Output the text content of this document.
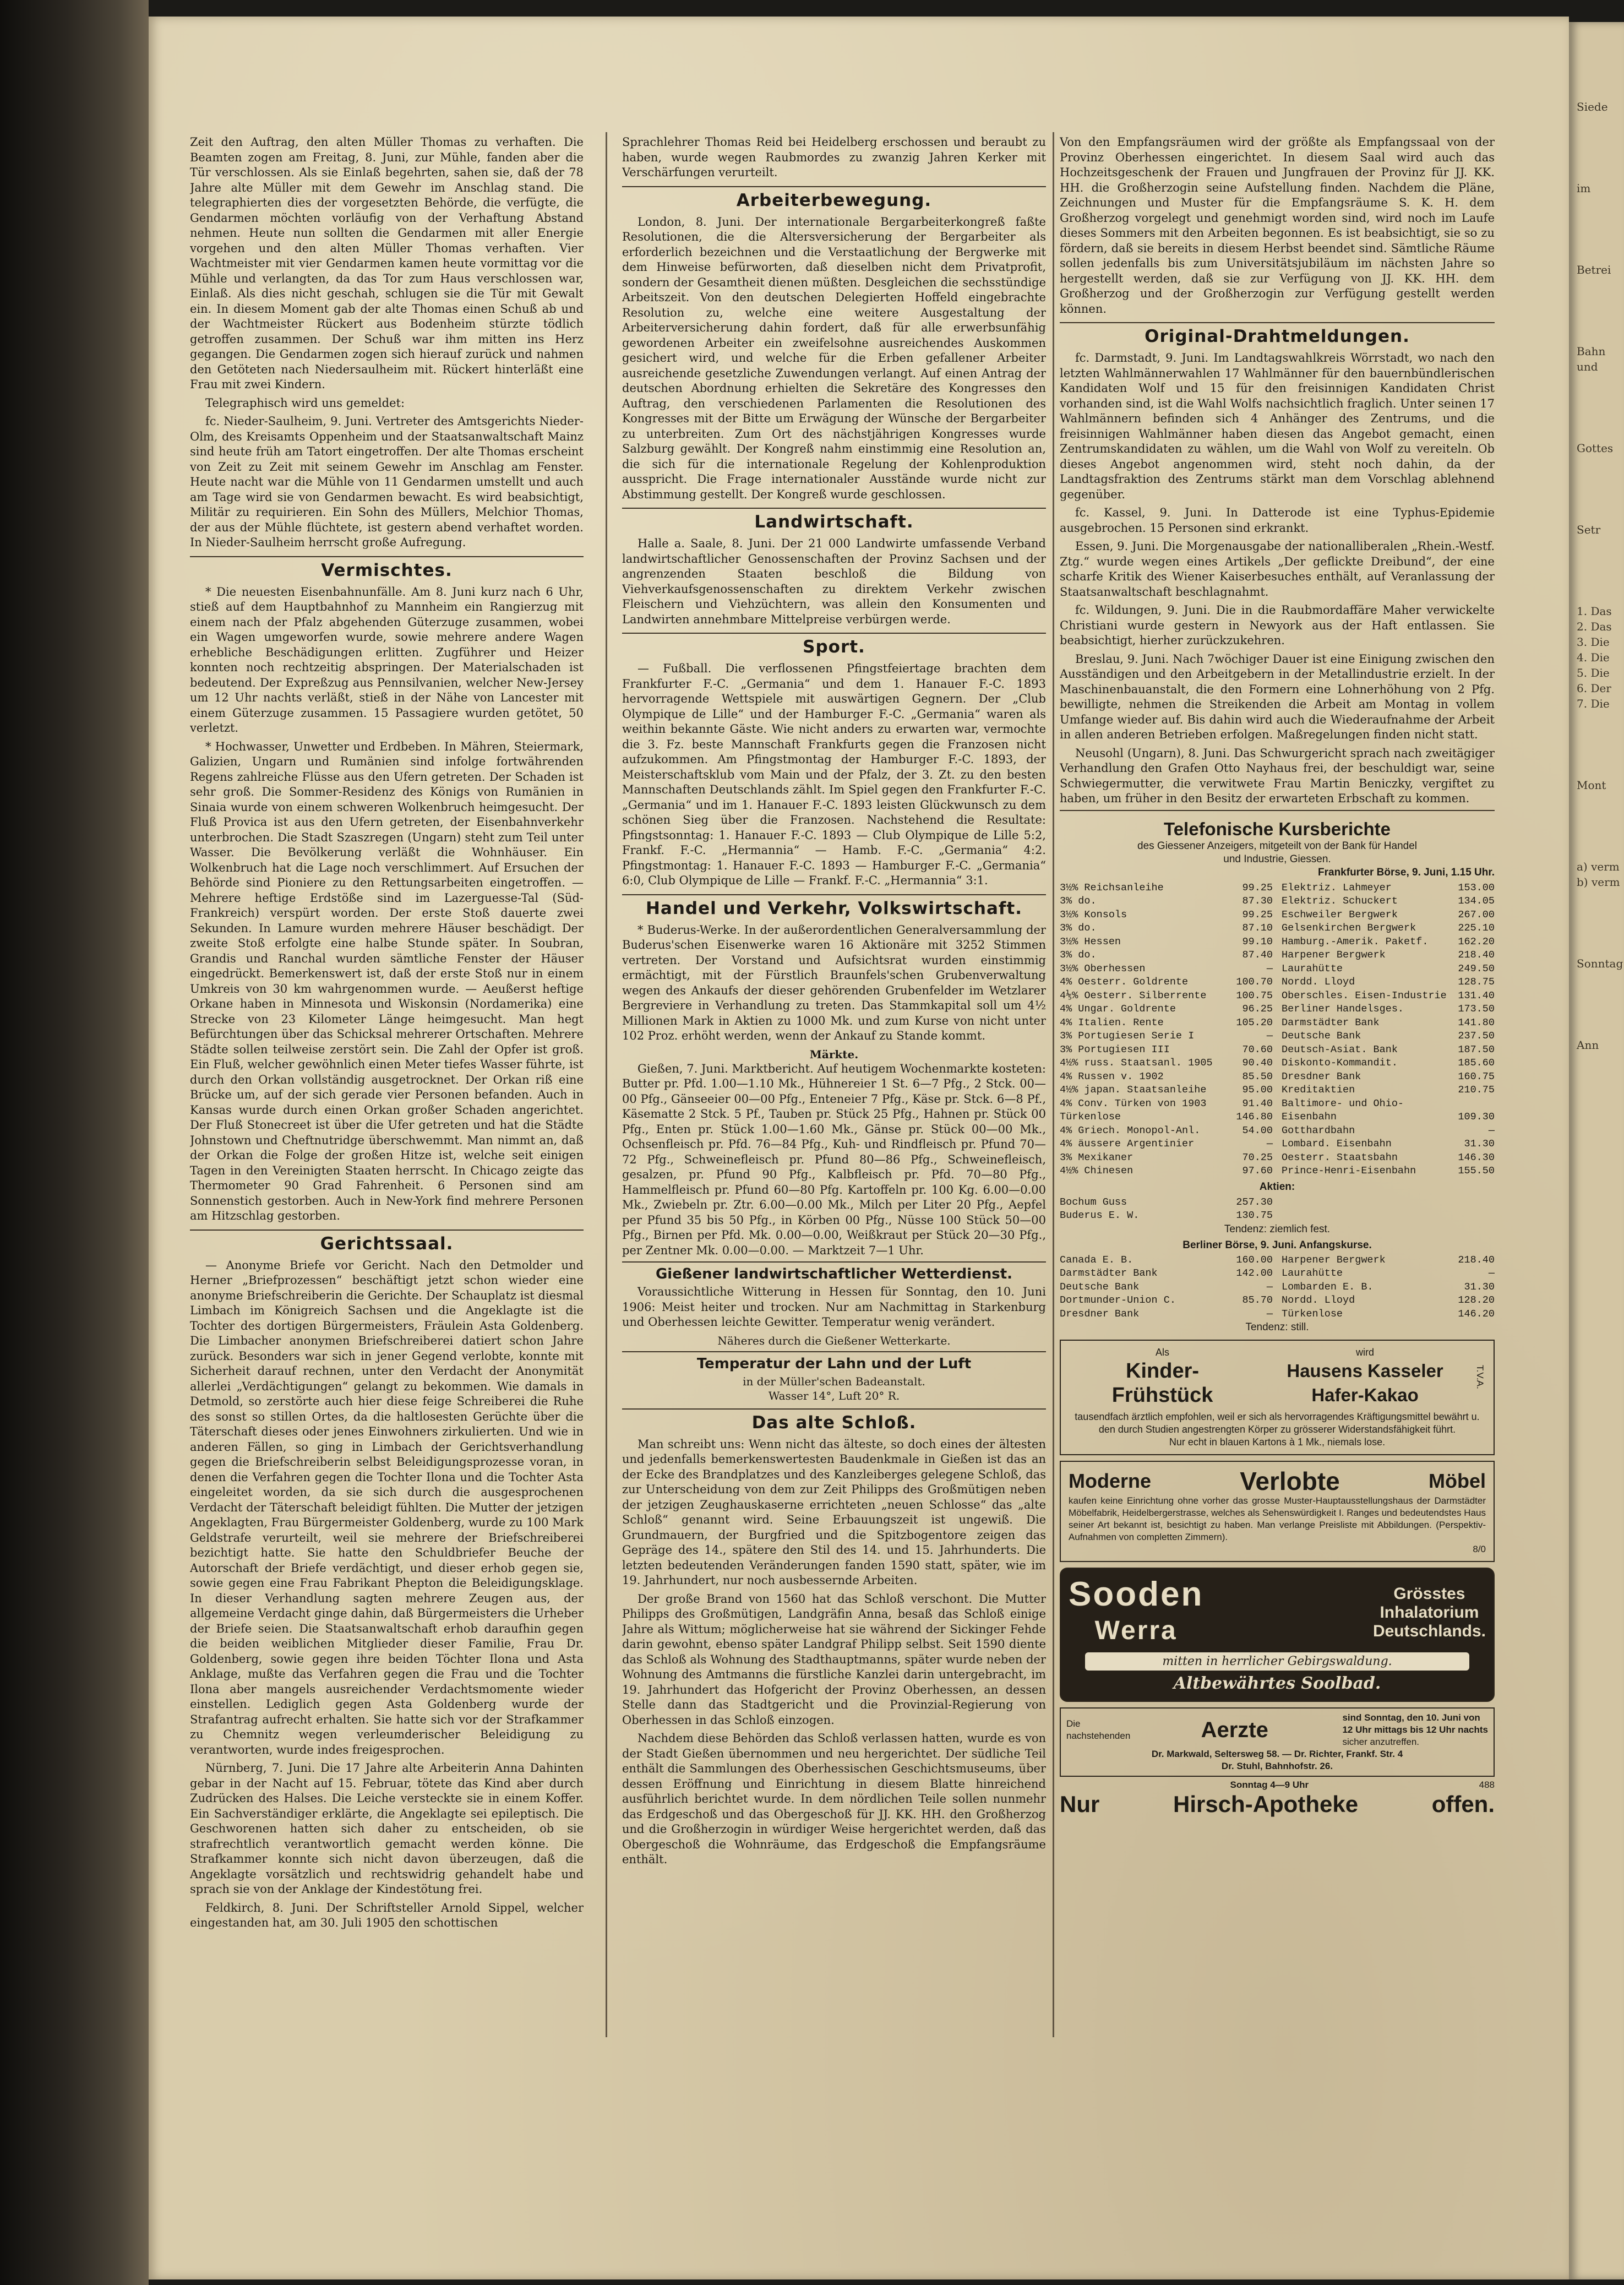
Siede
im
Betrei
Bahn und
Gottes
Setr
1. Das
2. Das
3. Die
4. Die
5. Die
6. Der
7. Die
Mont
a) verm
b) verm
Sonntag
Ann

Zeit den Auftrag, den alten Müller Thomas zu verhaften. Die Beamten zogen am Freitag, 8. Juni, zur Mühle, fanden aber die Tür verschlossen. Als sie Einlaß begehrten, sahen sie, daß der 78 Jahre alte Müller mit dem Gewehr im Anschlag stand. Die telegraphierten dies der vorgesetzten Behörde, die verfügte, die Gendarmen möchten vorläufig von der Verhaftung Abstand nehmen. Heute nun sollten die Gendarmen mit aller Energie vorgehen und den alten Müller Thomas verhaften. Vier Wachtmeister mit vier Gendarmen kamen heute vormittag vor die Mühle und verlangten, da das Tor zum Haus verschlossen war, Einlaß. Als dies nicht geschah, schlugen sie die Tür mit Gewalt ein. In diesem Moment gab der alte Thomas einen Schuß ab und der Wachtmeister Rückert aus Bodenheim stürzte tödlich getroffen zusammen. Der Schuß war ihm mitten ins Herz gegangen. Die Gendarmen zogen sich hierauf zurück und nahmen den Getöteten nach Niedersaulheim mit. Rückert hinterläßt eine Frau mit zwei Kindern.

Telegraphisch wird uns gemeldet:

fc. Nieder-Saulheim, 9. Juni. Vertreter des Amtsgerichts Nieder-Olm, des Kreisamts Oppenheim und der Staatsanwaltschaft Mainz sind heute früh am Tatort eingetroffen. Der alte Thomas erscheint von Zeit zu Zeit mit seinem Gewehr im Anschlag am Fenster. Heute nacht war die Mühle von 11 Gendarmen umstellt und auch am Tage wird sie von Gendarmen bewacht. Es wird beabsichtigt, Militär zu requirieren. Ein Sohn des Müllers, Melchior Thomas, der aus der Mühle flüchtete, ist gestern abend verhaftet worden. In Nieder-Saulheim herrscht große Aufregung.

Vermischtes.

* Die neuesten Eisenbahnunfälle. Am 8. Juni kurz nach 6 Uhr, stieß auf dem Hauptbahnhof zu Mannheim ein Rangierzug mit einem nach der Pfalz abgehenden Güterzuge zusammen, wobei ein Wagen umgeworfen wurde, sowie mehrere andere Wagen erhebliche Beschädigungen erlitten. Zugführer und Heizer konnten noch rechtzeitig abspringen. Der Materialschaden ist bedeutend. Der Expreßzug aus Pennsilvanien, welcher New-Jersey um 12 Uhr nachts verläßt, stieß in der Nähe von Lancester mit einem Güterzuge zusammen. 15 Passagiere wurden getötet, 50 verletzt.

* Hochwasser, Unwetter und Erdbeben. In Mähren, Steiermark, Galizien, Ungarn und Rumänien sind infolge fortwährenden Regens zahlreiche Flüsse aus den Ufern getreten. Der Schaden ist sehr groß. Die Sommer-Residenz des Königs von Rumänien in Sinaia wurde von einem schweren Wolkenbruch heimgesucht. Der Fluß Provica ist aus den Ufern getreten, der Eisenbahnverkehr unterbrochen. Die Stadt Szaszregen (Ungarn) steht zum Teil unter Wasser. Die Bevölkerung verläßt die Wohnhäuser. Ein Wolkenbruch hat die Lage noch verschlimmert. Auf Ersuchen der Behörde sind Pioniere zu den Rettungsarbeiten eingetroffen. — Mehrere heftige Erdstöße sind im Lazerguesse-Tal (Süd-Frankreich) verspürt worden. Der erste Stoß dauerte zwei Sekunden. In Lamure wurden mehrere Häuser beschädigt. Der zweite Stoß erfolgte eine halbe Stunde später. In Soubran, Grandis und Ranchal wurden sämtliche Fenster der Häuser eingedrückt. Bemerkenswert ist, daß der erste Stoß nur in einem Umkreis von 30 km wahrgenommen wurde. — Aeußerst heftige Orkane haben in Minnesota und Wiskonsin (Nordamerika) eine Strecke von 23 Kilometer Länge heimgesucht. Man hegt Befürchtungen über das Schicksal mehrerer Ortschaften. Mehrere Städte sollen teilweise zerstört sein. Die Zahl der Opfer ist groß. Ein Fluß, welcher gewöhnlich einen Meter tiefes Wasser führte, ist durch den Orkan vollständig ausgetrocknet. Der Orkan riß eine Brücke um, auf der sich gerade vier Personen befanden. Auch in Kansas wurde durch einen Orkan großer Schaden angerichtet. Der Fluß Stonecreet ist über die Ufer getreten und hat die Städte Johnstown und Cheftnutridge überschwemmt. Man nimmt an, daß der Orkan die Folge der großen Hitze ist, welche seit einigen Tagen in den Vereinigten Staaten herrscht. In Chicago zeigte das Thermometer 90 Grad Fahrenheit. 6 Personen sind am Sonnenstich gestorben. Auch in New-York find mehrere Personen am Hitzschlag gestorben.

Gerichtssaal.

— Anonyme Briefe vor Gericht. Nach den Detmolder und Herner „Briefprozessen“ beschäftigt jetzt schon wieder eine anonyme Briefschreiberin die Gerichte. Der Schauplatz ist diesmal Limbach im Königreich Sachsen und die Angeklagte ist die Tochter des dortigen Bürgermeisters, Fräulein Asta Goldenberg. Die Limbacher anonymen Briefschreiberei datiert schon Jahre zurück. Besonders war sich in jener Gegend verlobte, konnte mit Sicherheit darauf rechnen, unter den Verdacht der Anonymität allerlei „Verdächtigungen“ gelangt zu bekommen. Wie damals in Detmold, so zerstörte auch hier diese feige Schreiberei die Ruhe des sonst so stillen Ortes, da die haltlosesten Gerüchte über die Täterschaft dieses oder jenes Einwohners zirkulierten. Und wie in anderen Fällen, so ging in Limbach der Gerichtsverhandlung gegen die Briefschreiberin selbst Beleidigungsprozesse voran, in denen die Verfahren gegen die Tochter Ilona und die Tochter Asta eingeleitet worden, da sie sich durch die ausgesprochenen Verdacht der Täterschaft beleidigt fühlten. Die Mutter der jetzigen Angeklagten, Frau Bürgermeister Goldenberg, wurde zu 100 Mark Geldstrafe verurteilt, weil sie mehrere der Briefschreiberei bezichtigt hatte. Sie hatte den Schuldbriefer Beuche der Autorschaft der Briefe verdächtigt, und dieser erhob gegen sie, sowie gegen eine Frau Fabrikant Phepton die Beleidigungsklage. In dieser Verhandlung sagten mehrere Zeugen aus, der allgemeine Verdacht ginge dahin, daß Bürgermeisters die Urheber der Briefe seien. Die Staatsanwaltschaft erhob daraufhin gegen die beiden weiblichen Mitglieder dieser Familie, Frau Dr. Goldenberg, sowie gegen ihre beiden Töchter Ilona und Asta Anklage, mußte das Verfahren gegen die Frau und die Tochter Ilona aber mangels ausreichender Verdachtsmomente wieder einstellen. Lediglich gegen Asta Goldenberg wurde der Strafantrag aufrecht erhalten. Sie hatte sich vor der Strafkammer zu Chemnitz wegen verleumderischer Beleidigung zu verantworten, wurde indes freigesprochen.

Nürnberg, 7. Juni. Die 17 Jahre alte Arbeiterin Anna Dahinten gebar in der Nacht auf 15. Februar, tötete das Kind aber durch Zudrücken des Halses. Die Leiche versteckte sie in einem Koffer. Ein Sachverständiger erklärte, die Angeklagte sei epileptisch. Die Geschworenen hatten sich daher zu entscheiden, ob sie strafrechtlich verantwortlich gemacht werden könne. Die Strafkammer konnte sich nicht davon überzeugen, daß die Angeklagte vorsätzlich und rechtswidrig gehandelt habe und sprach sie von der Anklage der Kindestötung frei.

Feldkirch, 8. Juni. Der Schriftsteller Arnold Sippel, welcher eingestanden hat, am 30. Juli 1905 den schottischen

Sprachlehrer Thomas Reid bei Heidelberg erschossen und beraubt zu haben, wurde wegen Raubmordes zu zwanzig Jahren Kerker mit Verschärfungen verurteilt.

Arbeiterbewegung.

London, 8. Juni. Der internationale Bergarbeiterkongreß faßte Resolutionen, die die Altersversicherung der Bergarbeiter als erforderlich bezeichnen und die Verstaatlichung der Bergwerke mit dem Hinweise befürworten, daß dieselben nicht dem Privatprofit, sondern der Gesamtheit dienen müßten. Desgleichen die sechsstündige Arbeitszeit. Von den deutschen Delegierten Hoffeld eingebrachte Resolution zu, welche eine weitere Ausgestaltung der Arbeiterversicherung dahin fordert, daß für alle erwerbsunfähig gewordenen Arbeiter ein zweifelsohne ausreichendes Auskommen gesichert wird, und welche für die Erben gefallener Arbeiter ausreichende gesetzliche Zuwendungen verlangt. Auf einen Antrag der deutschen Abordnung erhielten die Sekretäre des Kongresses den Auftrag, den verschiedenen Parlamenten die Resolutionen des Kongresses mit der Bitte um Erwägung der Wünsche der Bergarbeiter zu unterbreiten. Zum Ort des nächstjährigen Kongresses wurde Salzburg gewählt. Der Kongreß nahm einstimmig eine Resolution an, die sich für die internationale Regelung der Kohlenproduktion ausspricht. Die Frage internationaler Ausstände wurde nicht zur Abstimmung gestellt. Der Kongreß wurde geschlossen.

Landwirtschaft.

Halle a. Saale, 8. Juni. Der 21 000 Landwirte umfassende Verband landwirtschaftlicher Genossenschaften der Provinz Sachsen und der angrenzenden Staaten beschloß die Bildung von Viehverkaufsgenossenschaften zu direktem Verkehr zwischen Fleischern und Viehzüchtern, was allein den Konsumenten und Landwirten annehmbare Mittelpreise verbürgen werde.

Sport.

— Fußball. Die verflossenen Pfingstfeiertage brachten dem Frankfurter F.-C. „Germania“ und dem 1. Hanauer F.-C. 1893 hervorragende Wettspiele mit auswärtigen Gegnern. Der „Club Olympique de Lille“ und der Hamburger F.-C. „Germania“ waren als weithin bekannte Gäste. Wie nicht anders zu erwarten war, vermochte die 3. Fz. beste Mannschaft Frankfurts gegen die Franzosen nicht aufzukommen. Am Pfingstmontag der Hamburger F.-C. 1893, der Meisterschaftsklub vom Main und der Pfalz, der 3. Zt. zu den besten Mannschaften Deutschlands zählt. Im Spiel gegen den Frankfurter F.-C. „Germania“ und im 1. Hanauer F.-C. 1893 leisten Glückwunsch zu dem schönen Sieg über die Franzosen. Nachstehend die Resultate: Pfingstsonntag: 1. Hanauer F.-C. 1893 — Club Olympique de Lille 5:2, Frankf. F.-C. „Hermannia“ — Hamb. F.-C. „Germania“ 4:2. Pfingstmontag: 1. Hanauer F.-C. 1893 — Hamburger F.-C. „Germania“ 6:0, Club Olympique de Lille — Frankf. F.-C. „Hermannia“ 3:1.

Handel und Verkehr, Volkswirtschaft.

* Buderus-Werke. In der außerordentlichen Generalversammlung der Buderus'schen Eisenwerke waren 16 Aktionäre mit 3252 Stimmen vertreten. Der Vorstand und Aufsichtsrat wurden einstimmig ermächtigt, mit der Fürstlich Braunfels'schen Grubenverwaltung wegen des Ankaufs der dieser gehörenden Grubenfelder im Wetzlarer Bergreviere in Verhandlung zu treten. Das Stammkapital soll um 4½ Millionen Mark in Aktien zu 1000 Mk. und zum Kurse von nicht unter 102 Proz. erhöht werden, wenn der Ankauf zu Stande kommt.

Märkte.

Gießen, 7. Juni. Marktbericht. Auf heutigem Wochenmarkte kosteten: Butter pr. Pfd. 1.00—1.10 Mk., Hühnereier 1 St. 6—7 Pfg., 2 Stck. 00—00 Pfg., Gänseeier 00—00 Pfg., Enteneier 7 Pfg., Käse pr. Stck. 6—8 Pf., Käsematte 2 Stck. 5 Pf., Tauben pr. Stück 25 Pfg., Hahnen pr. Stück 00 Pfg., Enten pr. Stück 1.00—1.60 Mk., Gänse pr. Stück 00—00 Mk., Ochsenfleisch pr. Pfd. 76—84 Pfg., Kuh- und Rindfleisch pr. Pfund 70—72 Pfg., Schweinefleisch pr. Pfund 80—86 Pfg., Schweinefleisch, gesalzen, pr. Pfund 90 Pfg., Kalbfleisch pr. Pfd. 70—80 Pfg., Hammelfleisch pr. Pfund 60—80 Pfg. Kartoffeln pr. 100 Kg. 6.00—0.00 Mk., Zwiebeln pr. Ztr. 6.00—0.00 Mk., Milch per Liter 20 Pfg., Aepfel per Pfund 35 bis 50 Pfg., in Körben 00 Pfg., Nüsse 100 Stück 50—00 Pfg., Birnen per Pfd. Mk. 0.00—0.00, Weißkraut per Stück 20—30 Pfg., per Zentner Mk. 0.00—0.00. — Marktzeit 7—1 Uhr.

Gießener landwirtschaftlicher Wetterdienst.

Voraussichtliche Witterung in Hessen für Sonntag, den 10. Juni 1906: Meist heiter und trocken. Nur am Nachmittag in Starkenburg und Oberhessen leichte Gewitter. Temperatur wenig verändert.

Näheres durch die Gießener Wetterkarte.
Temperatur der Lahn und der Luft
in der Müller'schen Badeanstalt.
Wasser 14°, Luft 20° R.
Das alte Schloß.

Man schreibt uns: Wenn nicht das älteste, so doch eines der ältesten und jedenfalls bemerkenswertesten Baudenkmale in Gießen ist das an der Ecke des Brandplatzes und des Kanzleiberges gelegene Schloß, das zur Unterscheidung von dem zur Zeit Philipps des Großmütigen neben der jetzigen Zeughauskaserne errichteten „neuen Schlosse“ das „alte Schloß“ genannt wird. Seine Erbauungszeit ist ungewiß. Die Grundmauern, der Burgfried und die Spitzbogentore zeigen das Gepräge des 14., spätere den Stil des 14. und 15. Jahrhunderts. Die letzten bedeutenden Veränderungen fanden 1590 statt, später, wie im 19. Jahrhundert, nur noch ausbessernde Arbeiten.

Der große Brand von 1560 hat das Schloß verschont. Die Mutter Philipps des Großmütigen, Landgräfin Anna, besaß das Schloß einige Jahre als Wittum; möglicherweise hat sie während der Sickinger Fehde darin gewohnt, ebenso später Landgraf Philipp selbst. Seit 1590 diente das Schloß als Wohnung des Stadthauptmanns, später wurde neben der Wohnung des Amtmanns die fürstliche Kanzlei darin untergebracht, im 19. Jahrhundert das Hofgericht der Provinz Oberhessen, an dessen Stelle dann das Stadtgericht und die Provinzial-Regierung von Oberhessen in das Schloß einzogen.

Nachdem diese Behörden das Schloß verlassen hatten, wurde es von der Stadt Gießen übernommen und neu hergerichtet. Der südliche Teil enthält die Sammlungen des Oberhessischen Geschichtsmuseums, über dessen Eröffnung und Einrichtung in diesem Blatte hinreichend ausführlich berichtet wurde. In dem nördlichen Teile sollen nunmehr das Erdgeschoß und das Obergeschoß für JJ. KK. HH. den Großherzog und die Großherzogin in würdiger Weise hergerichtet werden, daß das Obergeschoß die Wohnräume, das Erdgeschoß die Empfangsräume enthält.

Von den Empfangsräumen wird der größte als Empfangssaal von der Provinz Oberhessen eingerichtet. In diesem Saal wird auch das Hochzeitsgeschenk der Frauen und Jungfrauen der Provinz für JJ. KK. HH. die Großherzogin seine Aufstellung finden. Nachdem die Pläne, Zeichnungen und Muster für die Empfangsräume S. K. H. dem Großherzog vorgelegt und genehmigt worden sind, wird noch im Laufe dieses Sommers mit den Arbeiten begonnen. Es ist beabsichtigt, sie so zu fördern, daß sie bereits in diesem Herbst beendet sind. Sämtliche Räume sollen jedenfalls bis zum Universitätsjubiläum im nächsten Jahre so hergestellt werden, daß sie zur Verfügung von JJ. KK. HH. dem Großherzog und der Großherzogin zur Verfügung gestellt werden können.

Original-Drahtmeldungen.

fc. Darmstadt, 9. Juni. Im Landtagswahlkreis Wörrstadt, wo nach den letzten Wahlmännerwahlen 17 Wahlmänner für den bauernbündlerischen Kandidaten Wolf und 15 für den freisinnigen Kandidaten Christ vorhanden sind, ist die Wahl Wolfs nachsichtlich fraglich. Unter seinen 17 Wahlmännern befinden sich 4 Anhänger des Zentrums, und die freisinnigen Wahlmänner haben diesen das Angebot gemacht, einen Zentrumskandidaten zu wählen, um die Wahl von Wolf zu vereiteln. Ob dieses Angebot angenommen wird, steht noch dahin, da der Landtagsfraktion des Zentrums stärkt man dem Vorschlag ablehnend gegenüber.

fc. Kassel, 9. Juni. In Datterode ist eine Typhus-Epidemie ausgebrochen. 15 Personen sind erkrankt.

Essen, 9. Juni. Die Morgenausgabe der nationalliberalen „Rhein.-Westf. Ztg.“ wurde wegen eines Artikels „Der geflickte Dreibund“, der eine scharfe Kritik des Wiener Kaiserbesuches enthält, auf Veranlassung der Staatsanwaltschaft beschlagnahmt.

fc. Wildungen, 9. Juni. Die in die Raubmordaffäre Maher verwickelte Christiani wurde gestern in Newyork aus der Haft entlassen. Sie beabsichtigt, hierher zurückzukehren.

Breslau, 9. Juni. Nach 7wöchiger Dauer ist eine Einigung zwischen den Ausständigen und den Arbeitgebern in der Metallindustrie erzielt. In der Maschinenbauanstalt, die den Formern eine Lohnerhöhung von 2 Pfg. bewilligte, nehmen die Streikenden die Arbeit am Montag in vollem Umfange wieder auf. Bis dahin wird auch die Wiederaufnahme der Arbeit in allen anderen Betrieben erfolgen. Maßregelungen finden nicht statt.

Neusohl (Ungarn), 8. Juni. Das Schwurgericht sprach nach zweitägiger Verhandlung den Grafen Otto Nayhaus frei, der beschuldigt war, seine Schwiegermutter, die verwitwete Frau Martin Beniczky, vergiftet zu haben, um früher in den Besitz der erwarteten Erbschaft zu kommen.

Telefonische Kursberichte
des Giessener Anzeigers, mitgeteilt von der Bank für Handel
und Industrie, Giessen.
Frankfurter Börse, 9. Juni, 1.15 Uhr.
3½% Reichsanleihe	99.25
3% do.	87.30
3½% Konsols	99.25
3% do.	87.10
3½% Hessen	99.10
3% do.	87.40
3½% Oberhessen	—
4% Oesterr. Goldrente	100.70
4⅕% Oesterr. Silberrente	100.75
4% Ungar. Goldrente	96.25
4% Italien. Rente	105.20
3% Portugiesen Serie I	—
3% Portugiesen III	70.60
4½% russ. Staatsanl. 1905	90.40
4% Russen v. 1902	85.50
4½% japan. Staatsanleihe	95.00
4% Conv. Türken von 1903	91.40
Türkenlose	146.80
4% Griech. Monopol-Anl.	54.00
4% äussere Argentinier	—
3% Mexikaner	70.25
4½% Chinesen	97.60
Elektriz. Lahmeyer	153.00
Elektriz. Schuckert	134.05
Eschweiler Bergwerk	267.00
Gelsenkirchen Bergwerk	225.10
Hamburg.-Amerik. Paketf.	162.20
Harpener Bergwerk	218.40
Laurahütte	249.50
Nordd. Lloyd	128.75
Oberschles. Eisen-Industrie 131.40
Berliner Handelsges.	173.50
Darmstädter Bank	141.80
Deutsche Bank	237.50
Deutsch-Asiat. Bank	187.50
Diskonto-Kommandit.	185.60
Dresdner Bank	160.75
Kreditaktien	210.75
Baltimore- und Ohio-
Eisenbahn	109.30
Gotthardbahn	—
Lombard. Eisenbahn	31.30
Oesterr. Staatsbahn	146.30
Prince-Henri-Eisenbahn	155.50
Aktien:
Bochum Guss	257.30
Buderus E. W.	130.75
Tendenz: ziemlich fest.
Berliner Börse, 9. Juni. Anfangskurse.
Canada E. B.	160.00
Darmstädter Bank	142.00
Deutsche Bank	—
Dortmunder-Union C.	85.70
Dresdner Bank	—
Harpener Bergwerk	218.40
Laurahütte	—
Lombarden E. B.	31.30
Nordd. Lloyd	128.20
Türkenlose	146.20
Tendenz: still.
Als
Kinder-
Frühstück
wird
Hausens Kasseler
Hafer-Kakao
T.V.A.
tausendfach ärztlich empfohlen, weil er sich als hervorragendes Kräftigungsmittel bewährt u. den durch Studien angestrengten Körper zu grösserer Widerstandsfähigkeit führt.
Nur echt in blauen Kartons à 1 Mk., niemals lose.
Moderne	Verlobte	Möbel
kaufen keine Einrichtung ohne vorher das grosse Muster-Hauptausstellungshaus der Darmstädter Möbelfabrik, Heidelbergerstrasse, welches als Sehenswürdigkeit I. Ranges und bedeutendstes Haus seiner Art bekannt ist, besichtigt zu haben. Man verlange Preisliste mit Abbildungen. (Perspektiv-Aufnahmen von completten Zimmern).
8/0
Sooden
Werra
Grösstes
Inhalatorium
Deutschlands.
mitten in herrlicher Gebirgswaldung.
Altbewährtes Soolbad.
Die nachstehenden	Aerzte
sind Sonntag, den 10. Juni von
12 Uhr mittags bis 12 Uhr nachts
sicher anzutreffen.
Dr. Markwald, Seltersweg 58. — Dr. Richter, Frankf. Str. 4
Dr. Stuhl, Bahnhofstr. 26.
Sonntag 4—9 Uhr	488
Nur	Hirsch-Apotheke	offen.
